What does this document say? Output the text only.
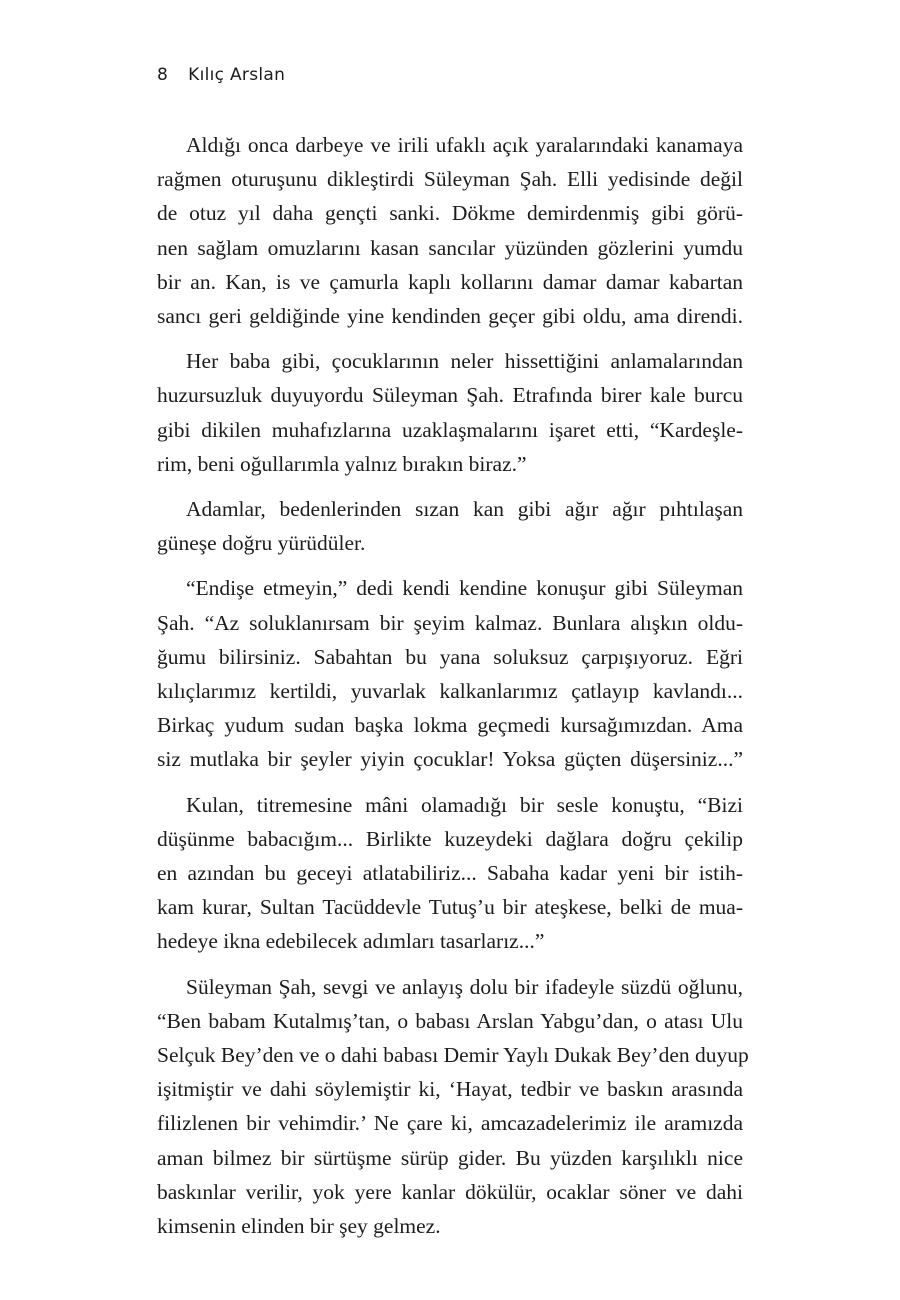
8 Kılıç Arslan
Aldığı onca darbeye ve irili ufaklı açık yaralarındaki kanamaya
rağmen oturuşunu dikleştirdi Süleyman Şah. Elli yedisinde değil
de otuz yıl daha gençti sanki. Dökme demirdenmiş gibi görü-
nen sağlam omuzlarını kasan sancılar yüzünden gözlerini yumdu
bir an. Kan, is ve çamurla kaplı kollarını damar damar kabartan
sancı geri geldiğinde yine kendinden geçer gibi oldu, ama direndi.
Her baba gibi, çocuklarının neler hissettiğini anlamalarından
huzursuzluk duyuyordu Süleyman Şah. Etrafında birer kale burcu
gibi dikilen muhafızlarına uzaklaşmalarını işaret etti, “Kardeşle-
rim, beni oğullarımla yalnız bırakın biraz.”
Adamlar, bedenlerinden sızan kan gibi ağır ağır pıhtılaşan
güneşe doğru yürüdüler.
“Endişe etmeyin,” dedi kendi kendine konuşur gibi Süleyman
Şah. “Az soluklanırsam bir şeyim kalmaz. Bunlara alışkın oldu-
ğumu bilirsiniz. Sabahtan bu yana soluksuz çarpışıyoruz. Eğri
kılıçlarımız kertildi, yuvarlak kalkanlarımız çatlayıp kavlandı...
Birkaç yudum sudan başka lokma geçmedi kursağımızdan. Ama
siz mutlaka bir şeyler yiyin çocuklar! Yoksa güçten düşersiniz...”
Kulan, titremesine mâni olamadığı bir sesle konuştu, “Bizi
düşünme babacığım... Birlikte kuzeydeki dağlara doğru çekilip
en azından bu geceyi atlatabiliriz... Sabaha kadar yeni bir istih-
kam kurar, Sultan Tacüddevle Tutuş’u bir ateşkese, belki de mua-
hedeye ikna edebilecek adımları tasarlarız...”
Süleyman Şah, sevgi ve anlayış dolu bir ifadeyle süzdü oğlunu,
“Ben babam Kutalmış’tan, o babası Arslan Yabgu’dan, o atası Ulu
Selçuk Bey’den ve o dahi babası Demir Yaylı Dukak Bey’den duyup
işitmiştir ve dahi söylemiştir ki, ‘Hayat, tedbir ve baskın arasında
filizlenen bir vehimdir.’ Ne çare ki, amcazadelerimiz ile aramızda
aman bilmez bir sürtüşme sürüp gider. Bu yüzden karşılıklı nice
baskınlar verilir, yok yere kanlar dökülür, ocaklar söner ve dahi
kimsenin elinden bir şey gelmez.
